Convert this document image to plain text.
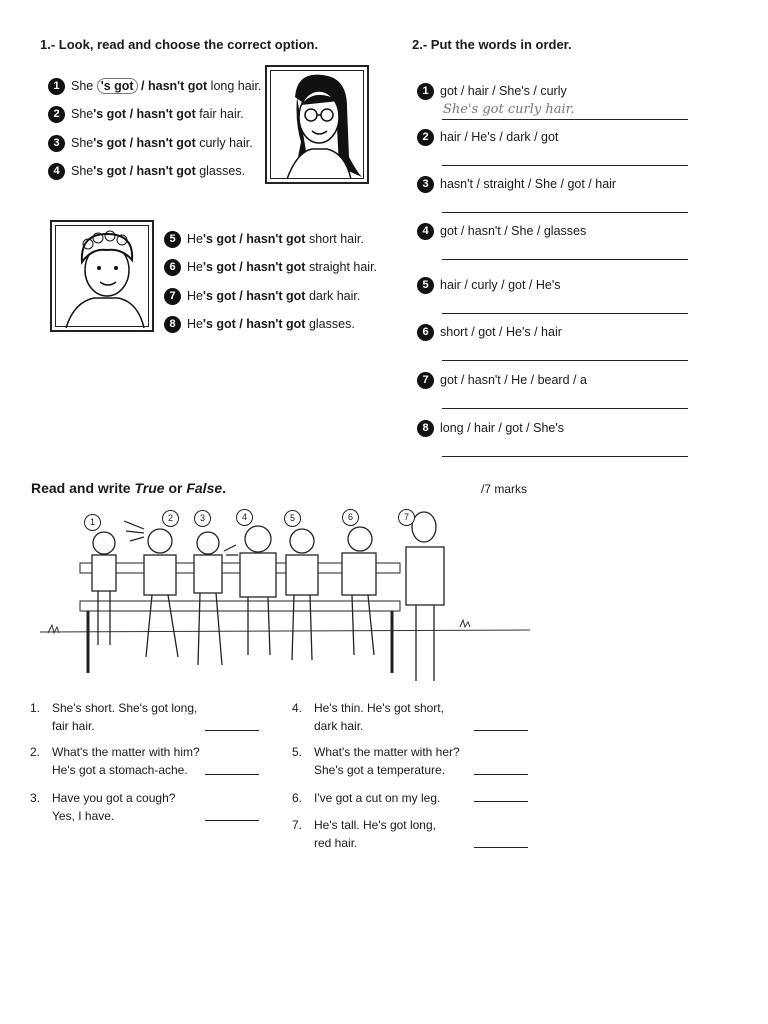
1.- Look, read and choose the correct option.
1 She 's got / hasn't got long hair.
2 She's got / hasn't got fair hair.
3 She's got / hasn't got curly hair.
4 She's got / hasn't got glasses.
5 He's got / hasn't got short hair.
6 He's got / hasn't got straight hair.
7 He's got / hasn't got dark hair.
8 He's got / hasn't got glasses.
2.- Put the words in order.
1 got / hair / She's / curly
She's got curly hair.
2 hair / He's / dark / got
3 hasn't / straight / She / got / hair
4 got / hasn't / She / glasses
5 hair / curly / got / He's
6 short / got / He's / hair
7 got / hasn't / He / beard / a
8 long / hair / got / She's
Read and write True or False.	/7 marks
1	2	3	4	5	6	7
1. She's short. She's got long,
fair hair.
2. What's the matter with him?
He's got a stomach-ache.
3. Have you got a cough?
Yes, I have.
4. He's thin. He's got short,
dark hair.
5. What's the matter with her?
She's got a temperature.
6. I've got a cut on my leg.
7. He's tall. He's got long,
red hair.
